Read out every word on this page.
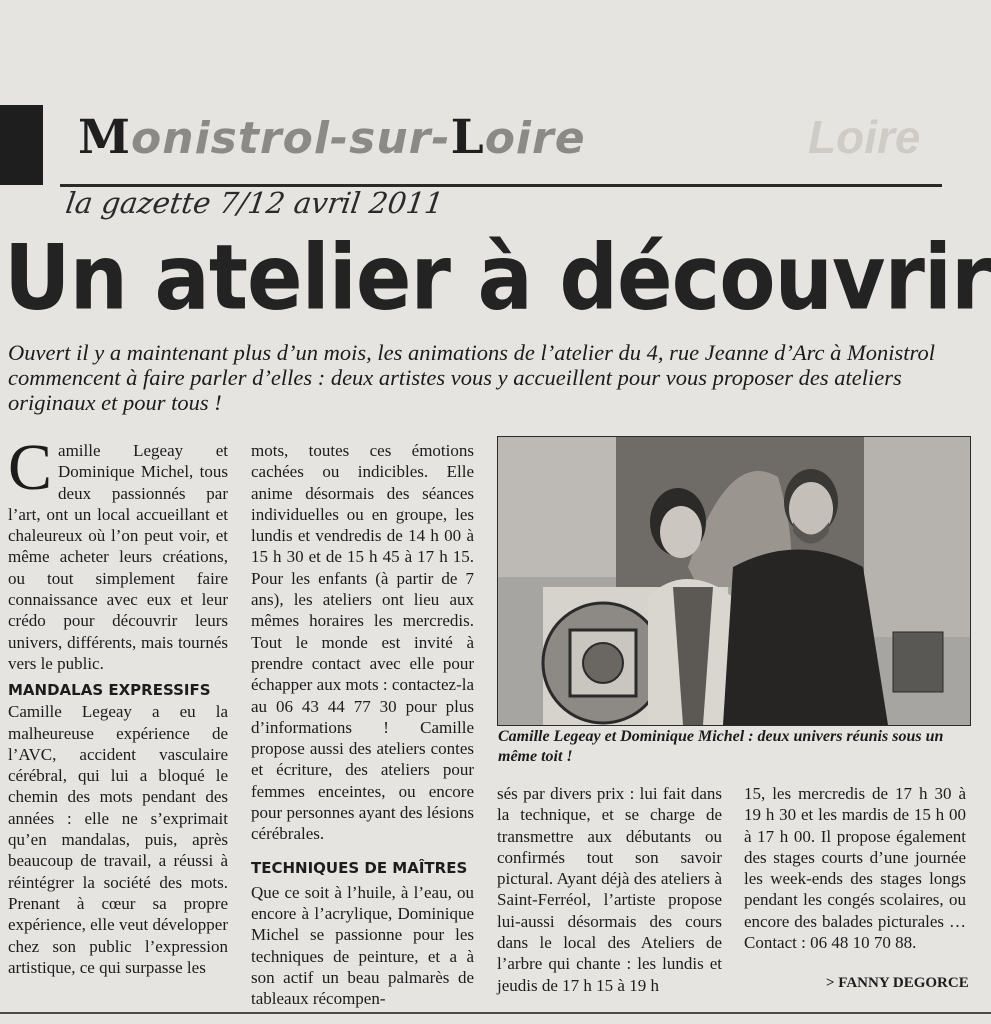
Loire
Monistrol-sur-Loire
la gazette 7/12 avril 2011
Un atelier à découvrir
Ouvert il y a maintenant plus d’un mois, les animations de l’atelier du 4, rue Jeanne d’Arc à Monistrol commencent à faire parler d’elles : deux artistes vous y accueillent pour vous proposer des ateliers originaux et pour tous !

Camille Legeay et Dominique Michel, tous deux passionnés par l’art, ont un local accueillant et chaleureux où l’on peut voir, et même acheter leurs créations, ou tout simplement faire connaissance avec eux et leur crédo pour découvrir leurs univers, différents, mais tournés vers le public.

MANDALAS EXPRESSIFS

Camille Legeay a eu la malheureuse expérience de l’AVC, accident vasculaire cérébral, qui lui a bloqué le chemin des mots pendant des années : elle ne s’exprimait qu’en mandalas, puis, après beaucoup de travail, a réussi à réintégrer la société des mots. Prenant à cœur sa propre expérience, elle veut développer chez son public l’expression artistique, ce qui surpasse les

mots, toutes ces émotions cachées ou indicibles. Elle anime désormais des séances individuelles ou en groupe, les lundis et vendredis de 14 h 00 à 15 h 30 et de 15 h 45 à 17 h 15. Pour les enfants (à partir de 7 ans), les ateliers ont lieu aux mêmes horaires les mercredis. Tout le monde est invité à prendre contact avec elle pour échapper aux mots : contactez-la au 06 43 44 77 30 pour plus d’informations ! Camille propose aussi des ateliers contes et écriture, des ateliers pour femmes enceintes, ou encore pour personnes ayant des lésions cérébrales.

TECHNIQUES DE MAÎTRES

Que ce soit à l’huile, à l’eau, ou encore à l’acrylique, Dominique Michel se passionne pour les techniques de peinture, et a à son actif un beau palmarès de tableaux récompen-

Camille Legeay et Dominique Michel : deux univers réunis sous un même toit !

sés par divers prix : lui fait dans la technique, et se charge de transmettre aux débutants ou confirmés tout son savoir pictural. Ayant déjà des ateliers à Saint-Ferréol, l’artiste propose lui-aussi désormais des cours dans le local des Ateliers de l’arbre qui chante : les lundis et jeudis de 17 h 15 à 19 h

15, les mercredis de 17 h 30 à 19 h 30 et les mardis de 15 h 00 à 17 h 00. Il propose également des stages courts d’une journée les week-ends des stages longs pendant les congés scolaires, ou encore des balades picturales … Contact : 06 48 10 70 88.

> FANNY DEGORCE
